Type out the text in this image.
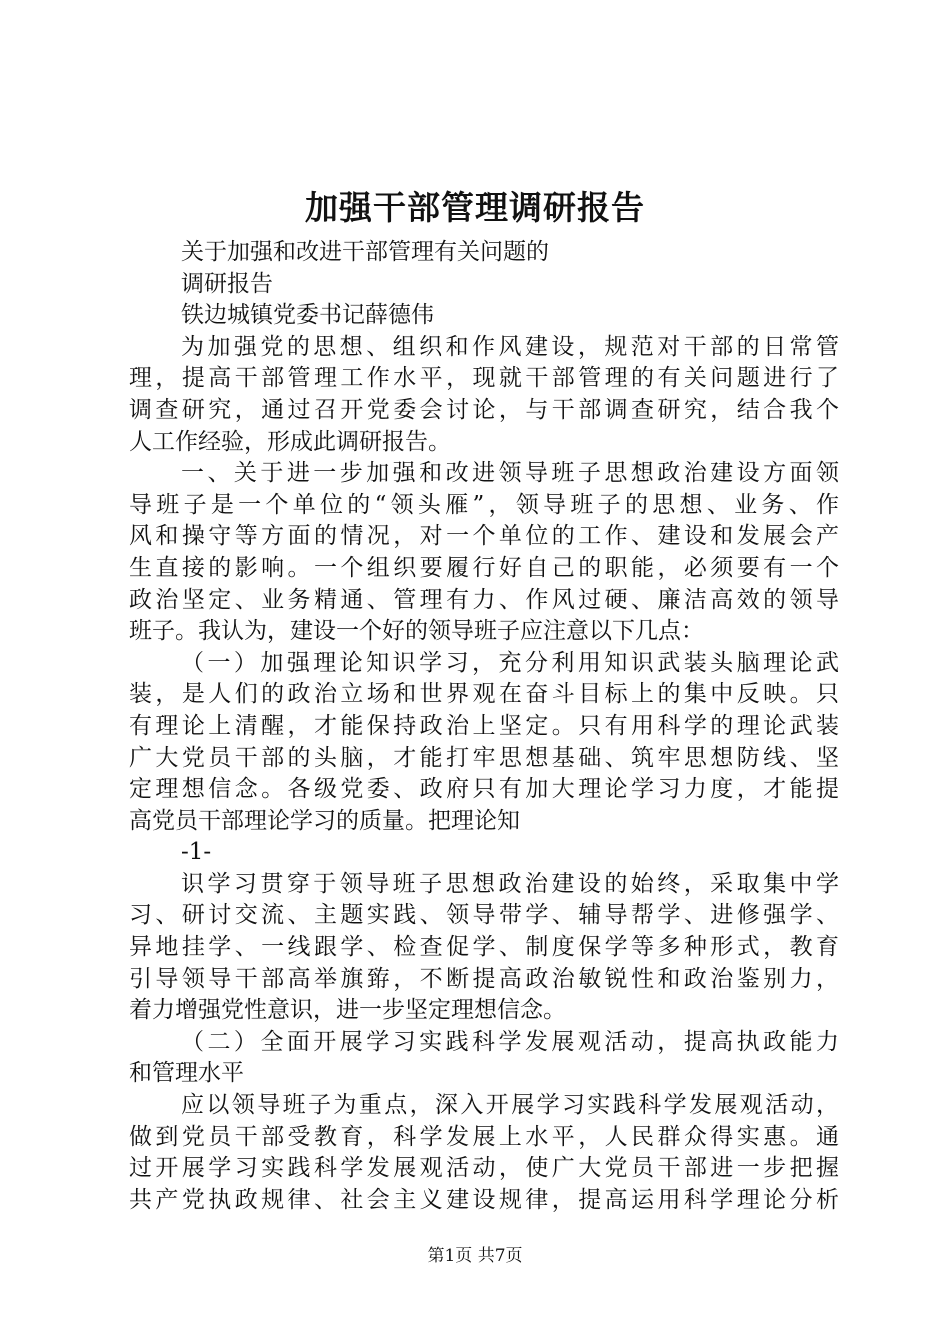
加强干部管理调研报告
关于加强和改进干部管理有关问题的
调研报告
铁边城镇党委书记薛德伟
为加强党的思想、组织和作风建设，规范对干部的日常管
理，提高干部管理工作水平，现就干部管理的有关问题进行了
调查研究，通过召开党委会讨论，与干部调查研究，结合我个
人工作经验，形成此调研报告。
一、关于进一步加强和改进领导班子思想政治建设方面领
导班子是一个单位的“领头雁”，领导班子的思想、业务、作
风和操守等方面的情况，对一个单位的工作、建设和发展会产
生直接的影响。一个组织要履行好自己的职能，必须要有一个
政治坚定、业务精通、管理有力、作风过硬、廉洁高效的领导
班子。我认为，建设一个好的领导班子应注意以下几点：
（一）加强理论知识学习，充分利用知识武装头脑理论武
装，是人们的政治立场和世界观在奋斗目标上的集中反映。只
有理论上清醒，才能保持政治上坚定。只有用科学的理论武装
广大党员干部的头脑，才能打牢思想基础、筑牢思想防线、坚
定理想信念。各级党委、政府只有加大理论学习力度，才能提
高党员干部理论学习的质量。把理论知
-1-
识学习贯穿于领导班子思想政治建设的始终，采取集中学
习、研讨交流、主题实践、领导带学、辅导帮学、进修强学、
异地挂学、一线跟学、检查促学、制度保学等多种形式，教育
引导领导干部高举旗臶，不断提高政治敏锐性和政治鉴别力，
着力增强党性意识，进一步坚定理想信念。
（二）全面开展学习实践科学发展观活动，提高执政能力
和管理水平
应以领导班子为重点，深入开展学习实践科学发展观活动，
做到党员干部受教育，科学发展上水平，人民群众得实惠。通
过开展学习实践科学发展观活动，使广大党员干部进一步把握
共产党执政规律、社会主义建设规律，提高运用科学理论分析
第1页 共7页
